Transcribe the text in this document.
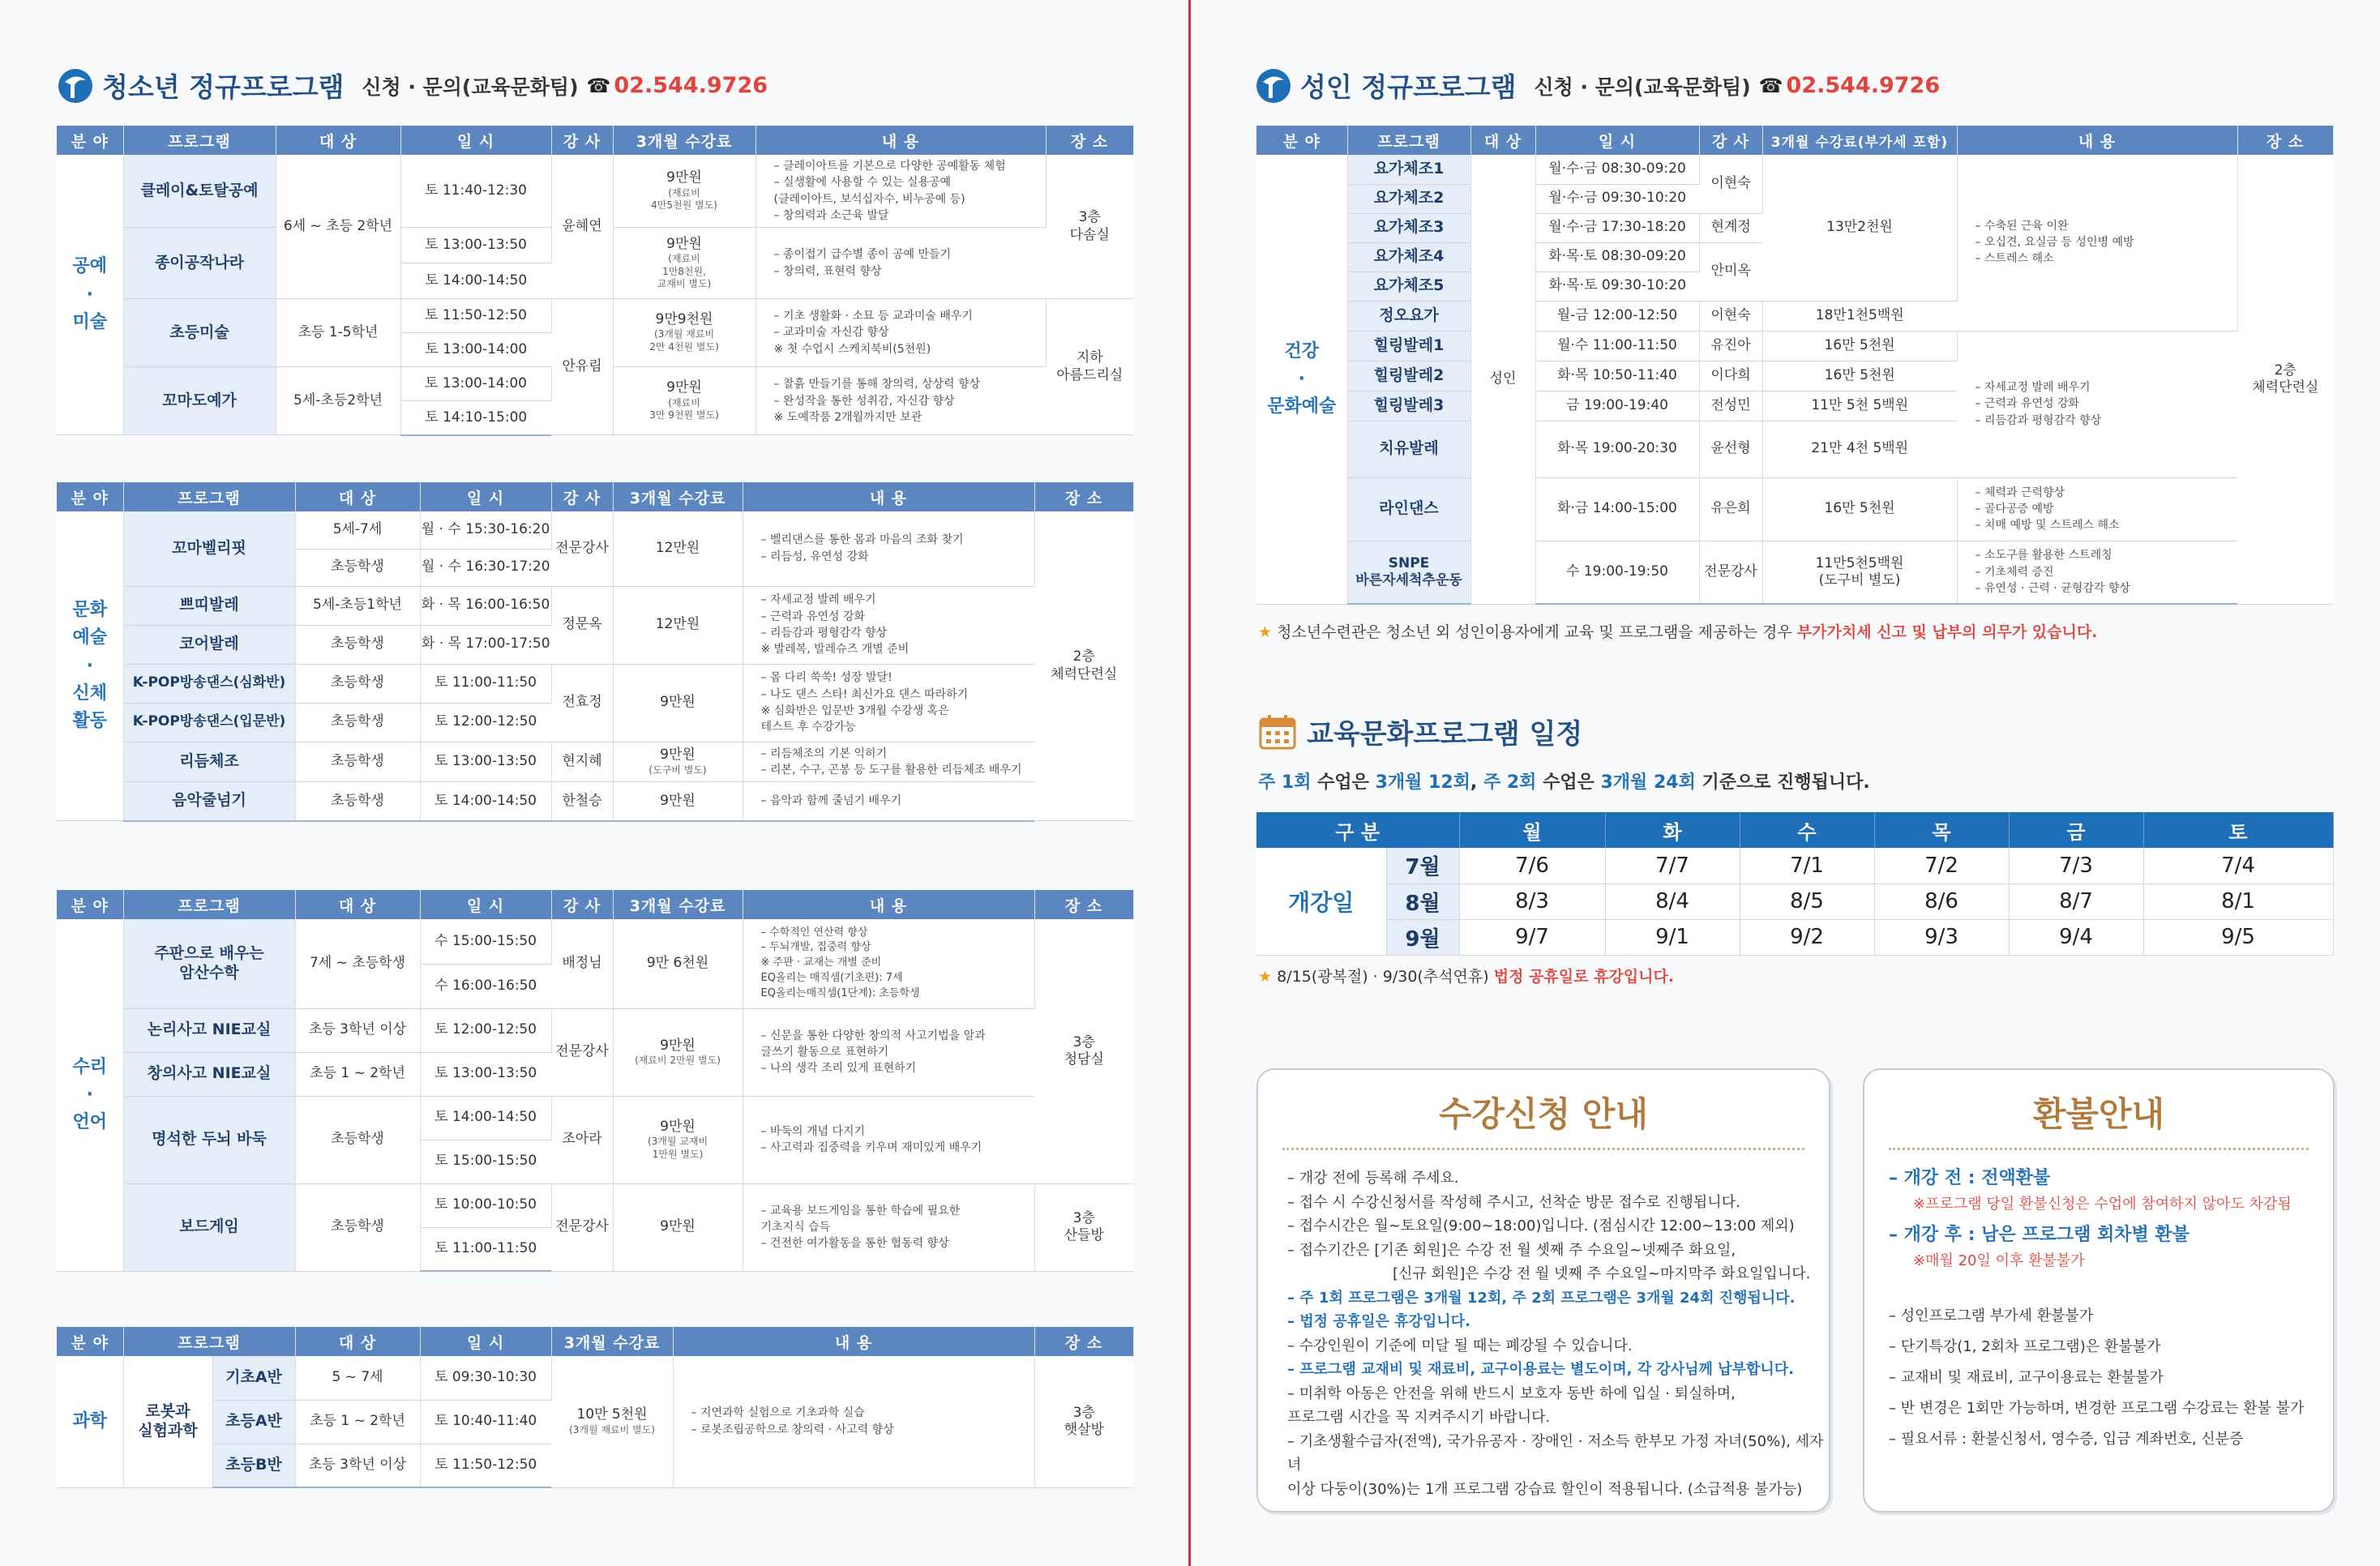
청소년 정규프로그램 신청 · 문의(교육문화팀) ☎ 02.544.9726
분 야	프로그램	대 상	일 시	강 사	3개월 수강료	내 용	장 소
공예
·
미술	클레이&토탈공예	6세 ~ 초등 2학년	토 11:40-12:30	윤혜연	9만원
(재료비
4만5천원 별도)	– 클레이아트를 기본으로 다양한 공예활동 체험
– 실생활에 사용할 수 있는 실용공예
(클레이아트, 보석십자수, 비누공예 등)
– 창의력과 소근육 발달	3층
다솜실
	종이공작나라		토 13:00-13:50		9만원
(재료비
1만8천원,
교재비 별도)	– 종이접기 급수별 종이 공예 만들기
– 창의력, 표현력 향상	
			토 14:00-14:50				

	초등미술	초등 1-5학년	토 11:50-12:50	안유림	9만9천원
(3개월 재료비
2만 4천원 별도)	– 기초 생활화 · 소묘 등 교과미술 배우기
– 교과미술 자신감 향상
※ 첫 수업시 스케치북비(5천원)	지하
아름드리실
			토 13:00-14:00				
	꼬마도예가	5세-초등2학년	토 13:00-14:00		9만원
(재료비
3만 9천원 별도)	– 찰흙 만들기를 통해 창의력, 상상력 향상
– 완성작을 통한 성취감, 자신감 향상
※ 도예작품 2개월까지만 보관	
			토 14:10-15:00				
분 야	프로그램	대 상	일 시	강 사	3개월 수강료	내 용	장 소
문화
예술
·
신체
활동	꼬마벨리핏	5세-7세	월 · 수 15:30-16:20	전문강사	12만원	– 벨리댄스를 통한 몸과 마음의 조화 찾기
– 리듬성, 유연성 강화	2층
체력단련실
		초등학생	월 · 수 16:30-17:20				
	쁘띠발레	5세-초등1학년	화 · 목 16:00-16:50	정문옥	12만원	– 자세교정 발레 배우기
– 근력과 유연성 강화
– 리듬감과 평형감각 향상
※ 발레복, 발레슈즈 개별 준비	
	코어발레	초등학생	화 · 목 17:00-17:50				
	K-POP방송댄스(심화반)	초등학생	토 11:00-11:50	전효정	9만원	– 몸 다리 쑥쑥! 성장 발달!
– 나도 댄스 스타! 최신가요 댄스 따라하기
※ 심화반은 입문반 3개월 수강생 혹은
테스트 후 수강가능	
	K-POP방송댄스(입문반)	초등학생	토 12:00-12:50				
	리듬체조	초등학생	토 13:00-13:50	현지혜	9만원
(도구비 별도)	– 리듬체조의 기본 익히기
– 리본, 수구, 곤봉 등 도구를 활용한 리듬체조 배우기	
	음악줄넘기	초등학생	토 14:00-14:50	한철승	9만원	– 음악과 함께 줄넘기 배우기	
분 야	프로그램	대 상	일 시	강 사	3개월 수강료	내 용	장 소
수리
·
언어	주판으로 배우는
암산수학	7세 ~ 초등학생	수 15:00-15:50	배정님	9만 6천원	– 수학적인 연산력 향상
– 두뇌개발, 집중력 향상
※ 주판 · 교재는 개별 준비
EQ올리는 매직셈(기초편): 7세
EQ올리는매직셈(1단계): 초등학생	3층
청담실
			수 16:00-16:50				
	논리사고 NIE교실	초등 3학년 이상	토 12:00-12:50	전문강사	9만원
(재료비 2만원 별도)	– 신문을 통한 다양한 창의적 사고기법을 알과
글쓰기 활동으로 표현하기
– 나의 생각 조리 있게 표현하기	
	창의사고 NIE교실	초등 1 ~ 2학년	토 13:00-13:50				
	명석한 두뇌 바둑	초등학생	토 14:00-14:50	조아라	9만원
(3개월 교재비
1만원 별도)	– 바둑의 개념 다지기
– 사고력과 집중력을 키우며 재미있게 배우기	
			토 15:00-15:50				
	보드게임	초등학생	토 10:00-10:50	전문강사	9만원	– 교육용 보드게임을 통한 학습에 필요한
기초지식 습득
– 건전한 여가활동을 통한 협동력 향상	3층
산들방
			토 11:00-11:50				
분 야	프로그램		대 상	일 시	3개월 수강료	내 용	장 소
과학	로봇과
실험과학	기초A반	5 ~ 7세	토 09:30-10:30	10만 5천원
(3개월 재료비 별도)	– 지연과학 실험으로 기초과학 실습
– 로봇조립공학으로 창의력 · 사고력 향상	3층
햇살방
		초등A반	초등 1 ~ 2학년	토 10:40-11:40			
		초등B반	초등 3학년 이상	토 11:50-12:50			
성인 정규프로그램 신청 · 문의(교육문화팀) ☎ 02.544.9726
분 야	프로그램	대 상	일 시	강 사	3개월 수강료(부가세 포함)	내 용	장 소
건강
·
문화예술	요가체조1	성인	월·수·금 08:30-09:20	이현숙	13만2천원	– 수축된 근육 이완
– 오십견, 요실금 등 성인병 예방
– 스트레스 해소	2층
체력단련실
	요가체조2		월·수·금 09:30-10:20				
	요가체조3		월·수·금 17:30-18:20	현계정			
	요가체조4		화·목·토 08:30-09:20	안미옥			
	요가체조5		화·목·토 09:30-10:20				
	정오요가		월-금 12:00-12:50	이현숙	18만1천5백원		
	힐링발레1		월·수 11:00-11:50	유진아	16만 5천원	– 자세교정 발레 배우기
– 근력과 유연성 강화
– 리듬감과 평형감각 향상	
	힐링발레2		화·목 10:50-11:40	이다희	16만 5천원		
	힐링발레3		금 19:00-19:40	전성민	11만 5천 5백원		
	치유발레		화·목 19:00-20:30	윤선형	21만 4천 5백원		
	라인댄스		화·금 14:00-15:00	유은희	16만 5천원	– 체력과 근력향상
– 골다공증 예방
– 치매 예방 및 스트레스 해소	
	SNPE
바른자세척추운동		수 19:00-19:50	전문강사	11만5천5백원
(도구비 별도)	– 소도구를 활용한 스트레칭
– 기초체력 증진
– 유연성 · 근력 · 균형감각 향상	
★ 청소년수련관은 청소년 외 성인이용자에게 교육 및 프로그램을 제공하는 경우 부가가치세 신고 및 납부의 의무가 있습니다.
교육문화프로그램 일정
주 1회 수업은 3개월 12회, 주 2회 수업은 3개월 24회 기준으로 진행됩니다.
구 분		월	화	수	목	금	토
개강일	7월	7/6	7/7	7/1	7/2	7/3	7/4
	8월	8/3	8/4	8/5	8/6	8/7	8/1
	9월	9/7	9/1	9/2	9/3	9/4	9/5
★ 8/15(광복절) · 9/30(추석연휴) 법정 공휴일로 휴강입니다.
수강신청 안내
– 개강 전에 등록해 주세요.
– 접수 시 수강신청서를 작성해 주시고, 선착순 방문 접수로 진행됩니다.
– 접수시간은 월~토요일(9:00~18:00)입니다. (점심시간 12:00~13:00 제외)
– 접수기간은 [기존 회원]은 수강 전 월 셋째 주 수요일~넷째주 화요일,
[신규 회원]은 수강 전 월 넷째 주 수요일~마지막주 화요일입니다.
– 주 1회 프로그램은 3개월 12회, 주 2회 프로그램은 3개월 24회 진행됩니다.
– 법정 공휴일은 휴강입니다.
– 수강인원이 기준에 미달 될 때는 폐강될 수 있습니다.
– 프로그램 교재비 및 재료비, 교구이용료는 별도이며, 각 강사님께 납부합니다.
– 미취학 아동은 안전을 위해 반드시 보호자 동반 하에 입실 · 퇴실하며,
프로그램 시간을 꼭 지켜주시기 바랍니다.
– 기초생활수급자(전액), 국가유공자 · 장애인 · 저소득 한부모 가정 자녀(50%), 세자녀
이상 다둥이(30%)는 1개 프로그램 강습료 할인이 적용됩니다. (소급적용 불가능)
환불안내
– 개강 전 : 전액환불
※프로그램 당일 환불신청은 수업에 참여하지 않아도 차감됨
– 개강 후 : 남은 프로그램 회차별 환불
※매월 20일 이후 환불불가
– 성인프로그램 부가세 환불불가
– 단기특강(1, 2회차 프로그램)은 환불불가
– 교재비 및 재료비, 교구이용료는 환불불가
– 반 변경은 1회만 가능하며, 변경한 프로그램 수강료는 환불 불가
– 필요서류 : 환불신청서, 영수증, 입금 계좌번호, 신분증
